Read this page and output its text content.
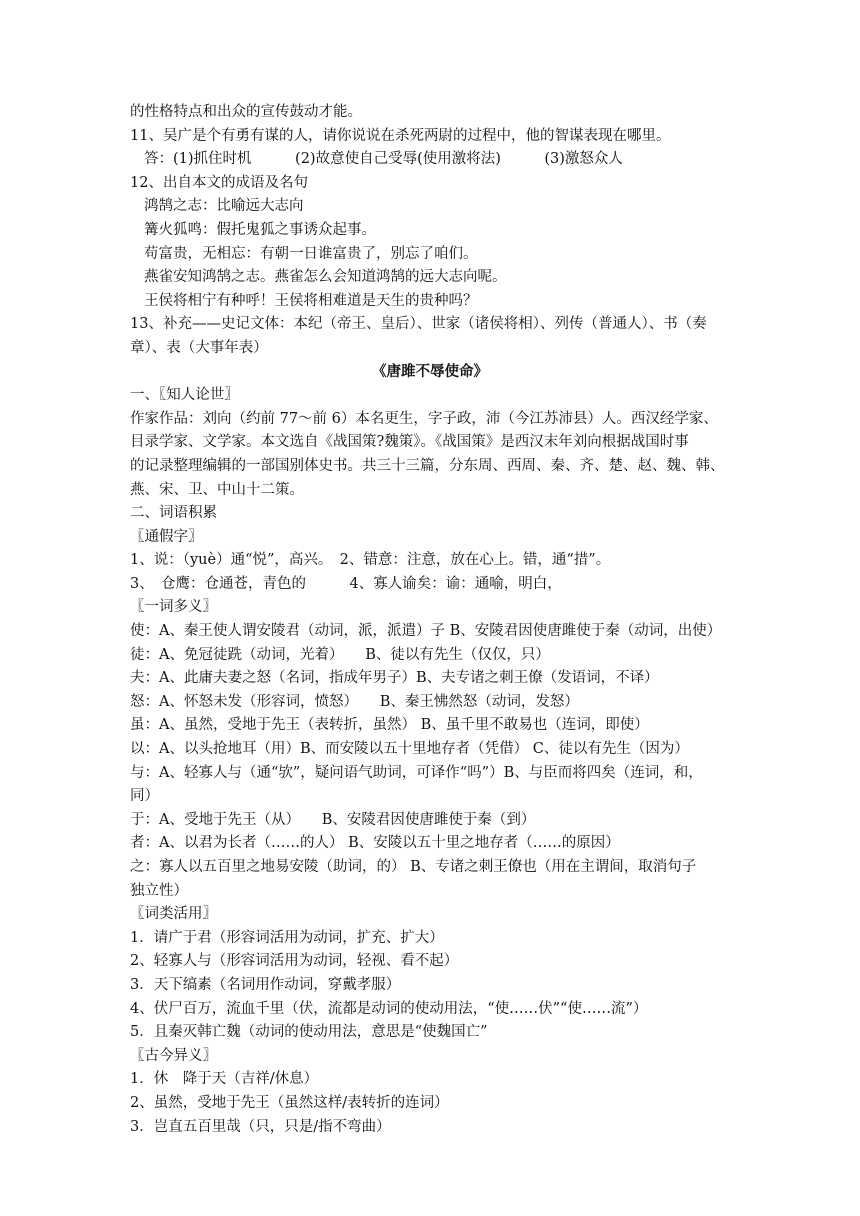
的性格特点和出众的宣传鼓动才能。
11、吴广是个有勇有谋的人，请你说说在杀死两尉的过程中，他的智谋表现在哪里。
答：(1)抓住时机　　　(2)故意使自己受辱(使用激将法)　　　(3)激怒众人
12、出自本文的成语及名句
鸿鹄之志：比喻远大志向
篝火狐鸣：假托鬼狐之事诱众起事。
苟富贵，无相忘：有朝一日谁富贵了，别忘了咱们。
燕雀安知鸿鹄之志。燕雀怎么会知道鸿鹄的远大志向呢。
王侯将相宁有种呼！王侯将相难道是天生的贵种吗？
13、补充——史记文体：本纪（帝王、皇后）、世家（诸侯将相）、列传（普通人）、书（奏
章）、表（大事年表）
《唐雎不辱使命》
一、〖知人论世〗
作家作品：刘向（约前 77～前 6）本名更生，字子政，沛（今江苏沛县）人。西汉经学家、
目录学家、文学家。本文选自《战国策?魏策》。《战国策》是西汉末年刘向根据战国时事
的记录整理编辑的一部国别体史书。共三十三篇，分东周、西周、秦、齐、楚、赵、魏、韩、
燕、宋、卫、中山十二策。
二、词语积累
〖通假字〗
1、说：（yuè）通“悦”，高兴。　2、错意：注意，放在心上。错，通“措”。
3、　仓鹰：仓通苍，青色的　　　4、寡人谕矣：谕：通喻，明白，
〖一词多义〗
使：A、秦王使人谓安陵君（动词，派，派遣）子 B、安陵君因使唐雎使于秦（动词，出使）
徒：A、免冠徒跣（动词，光着）　　B、徒以有先生（仅仅，只）
夫：A、此庸夫妻之怒（名词，指成年男子）B、夫专诸之刺王僚（发语词，不译）
怒：A、怀怒未发（形容词，愤怒）　　B、秦王怫然怒（动词，发怒）
虽：A、虽然，受地于先王（表转折，虽然） B、虽千里不敢易也（连词，即使）
以：A、以头抢地耳（用）B、而安陵以五十里地存者（凭借） C、徒以有先生（因为）
与：A、轻寡人与（通“欤”，疑问语气助词，可译作“吗”）B、与臣而将四矣（连词，和，
同）
于：A、受地于先王（从）　　B、安陵君因使唐雎使于秦（到）
者：A、以君为长者（……的人） B、安陵以五十里之地存者（……的原因）
之：寡人以五百里之地易安陵（助词，的） B、专诸之刺王僚也（用在主谓间，取消句子
独立性）
〖词类活用〗
1．请广于君（形容词活用为动词，扩充、扩大）
2、轻寡人与（形容词活用为动词，轻视、看不起）
3．天下缟素（名词用作动词，穿戴孝服）
4、伏尸百万，流血千里（伏，流都是动词的使动用法，“使……伏”“使……流”）
5．且秦灭韩亡魏（动词的使动用法，意思是“使魏国亡”
〖古今异义〗
1．休　降于天（吉祥/休息）
2、虽然，受地于先王（虽然这样/表转折的连词）
3．岂直五百里哉（只，只是/指不弯曲）
